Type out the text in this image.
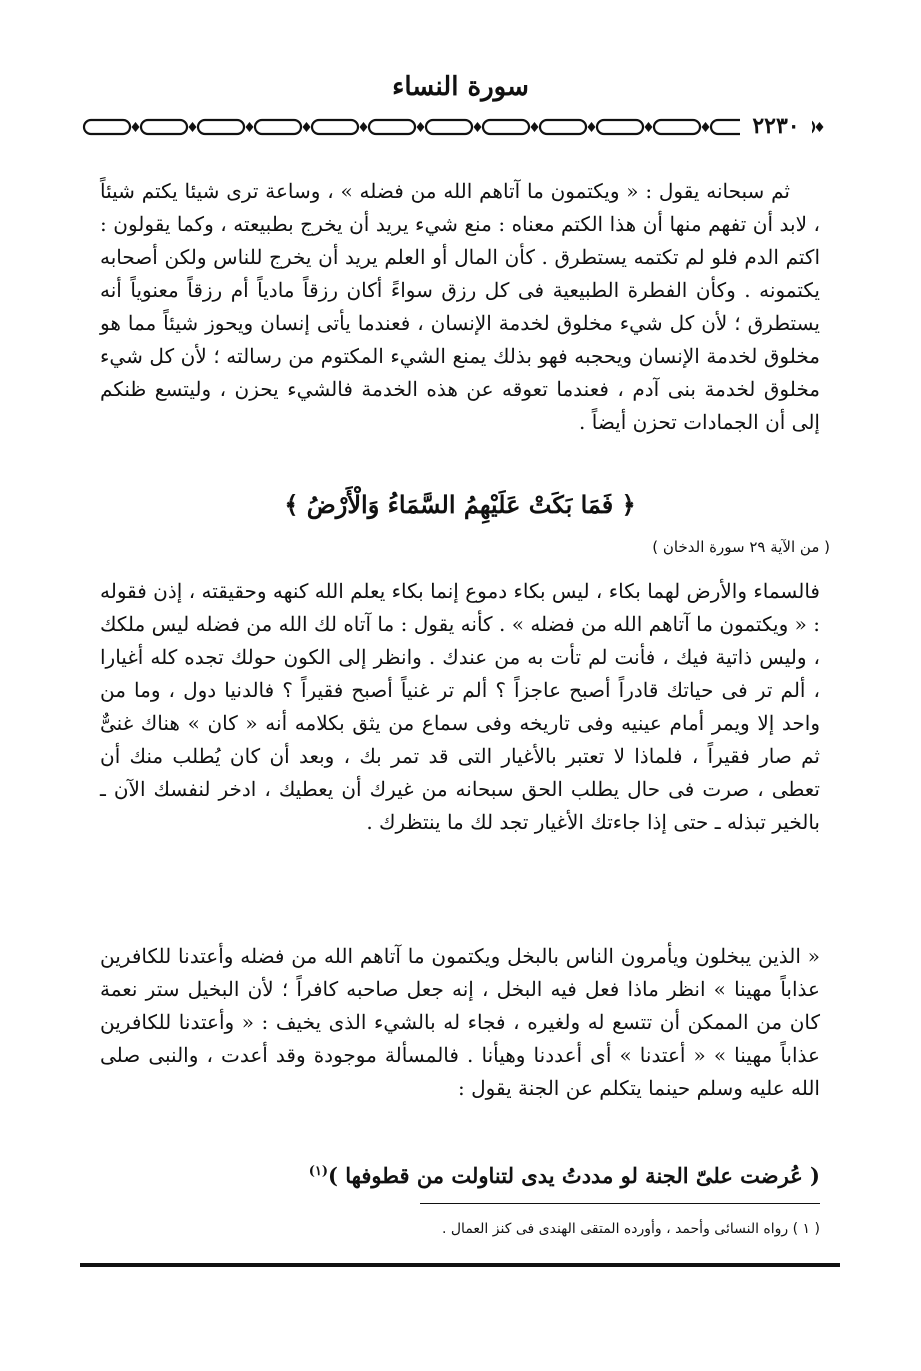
سورة النساء
٢٢٣٠

ثم سبحانه يقول : « ويكتمون ما آتاهم الله من فضله » ، وساعة ترى شيئا يكتم شيئاً ، لابد أن تفهم منها أن هذا الكتم معناه : منع شيء يريد أن يخرج بطبيعته ، وكما يقولون : اكتم الدم فلو لم تكتمه يستطرق . كأن المال أو العلم يريد أن يخرج للناس ولكن أصحابه يكتمونه . وكأن الفطرة الطبيعية فى كل رزق سواءً أكان رزقاً مادياً أم رزقاً معنوياً أنه يستطرق ؛ لأن كل شيء مخلوق لخدمة الإنسان ، فعندما يأتى إنسان ويحوز شيئاً مما هو مخلوق لخدمة الإنسان ويحجبه فهو بذلك يمنع الشيء المكتوم من رسالته ؛ لأن كل شيء مخلوق لخدمة بنى آدم ، فعندما تعوقه عن هذه الخدمة فالشيء يحزن ، وليتسع ظنكم إلى أن الجمادات تحزن أيضاً .

﴿ فَمَا بَكَتْ عَلَيْهِمُ السَّمَاءُ وَالْأَرْضُ ﴾
( من الآية ٢٩ سورة الدخان )

فالسماء والأرض لهما بكاء ، ليس بكاء دموع إنما بكاء يعلم الله كنهه وحقيقته ، إذن فقوله : « ويكتمون ما آتاهم الله من فضله » . كأنه يقول : ما آتاه لك الله من فضله ليس ملكك ، وليس ذاتية فيك ، فأنت لم تأت به من عندك . وانظر إلى الكون حولك تجده كله أغيارا ، ألم تر فى حياتك قادراً أصبح عاجزاً ؟ ألم تر غنياً أصبح فقيراً ؟ فالدنيا دول ، وما من واحد إلا ويمر أمام عينيه وفى تاريخه وفى سماع من يثق بكلامه أنه « كان » هناك غنىٌّ ثم صار فقيراً ، فلماذا لا تعتبر بالأغيار التى قد تمر بك ، وبعد أن كان يُطلب منك أن تعطى ، صرت فى حال يطلب الحق سبحانه من غيرك أن يعطيك ، ادخر لنفسك الآن ـ بالخير تبذله ـ حتى إذا جاءتك الأغيار تجد لك ما ينتظرك .

« الذين يبخلون ويأمرون الناس بالبخل ويكتمون ما آتاهم الله من فضله وأعتدنا للكافرين عذاباً مهينا » انظر ماذا فعل فيه البخل ، إنه جعل صاحبه كافراً ؛ لأن البخيل ستر نعمة كان من الممكن أن تتسع له ولغيره ، فجاء له بالشيء الذى يخيف : « وأعتدنا للكافرين عذاباً مهينا » « أعتدنا » أى أعددنا وهيأنا . فالمسألة موجودة وقد أعدت ، والنبى صلى الله عليه وسلم حينما يتكلم عن الجنة يقول :

( عُرضت علىّ الجنة لو مددتُ يدى لتناولت من قطوفها )$^{(١)}$
( ١ ) رواه النسائى وأحمد ، وأورده المتقى الهندى فى كنز العمال .
